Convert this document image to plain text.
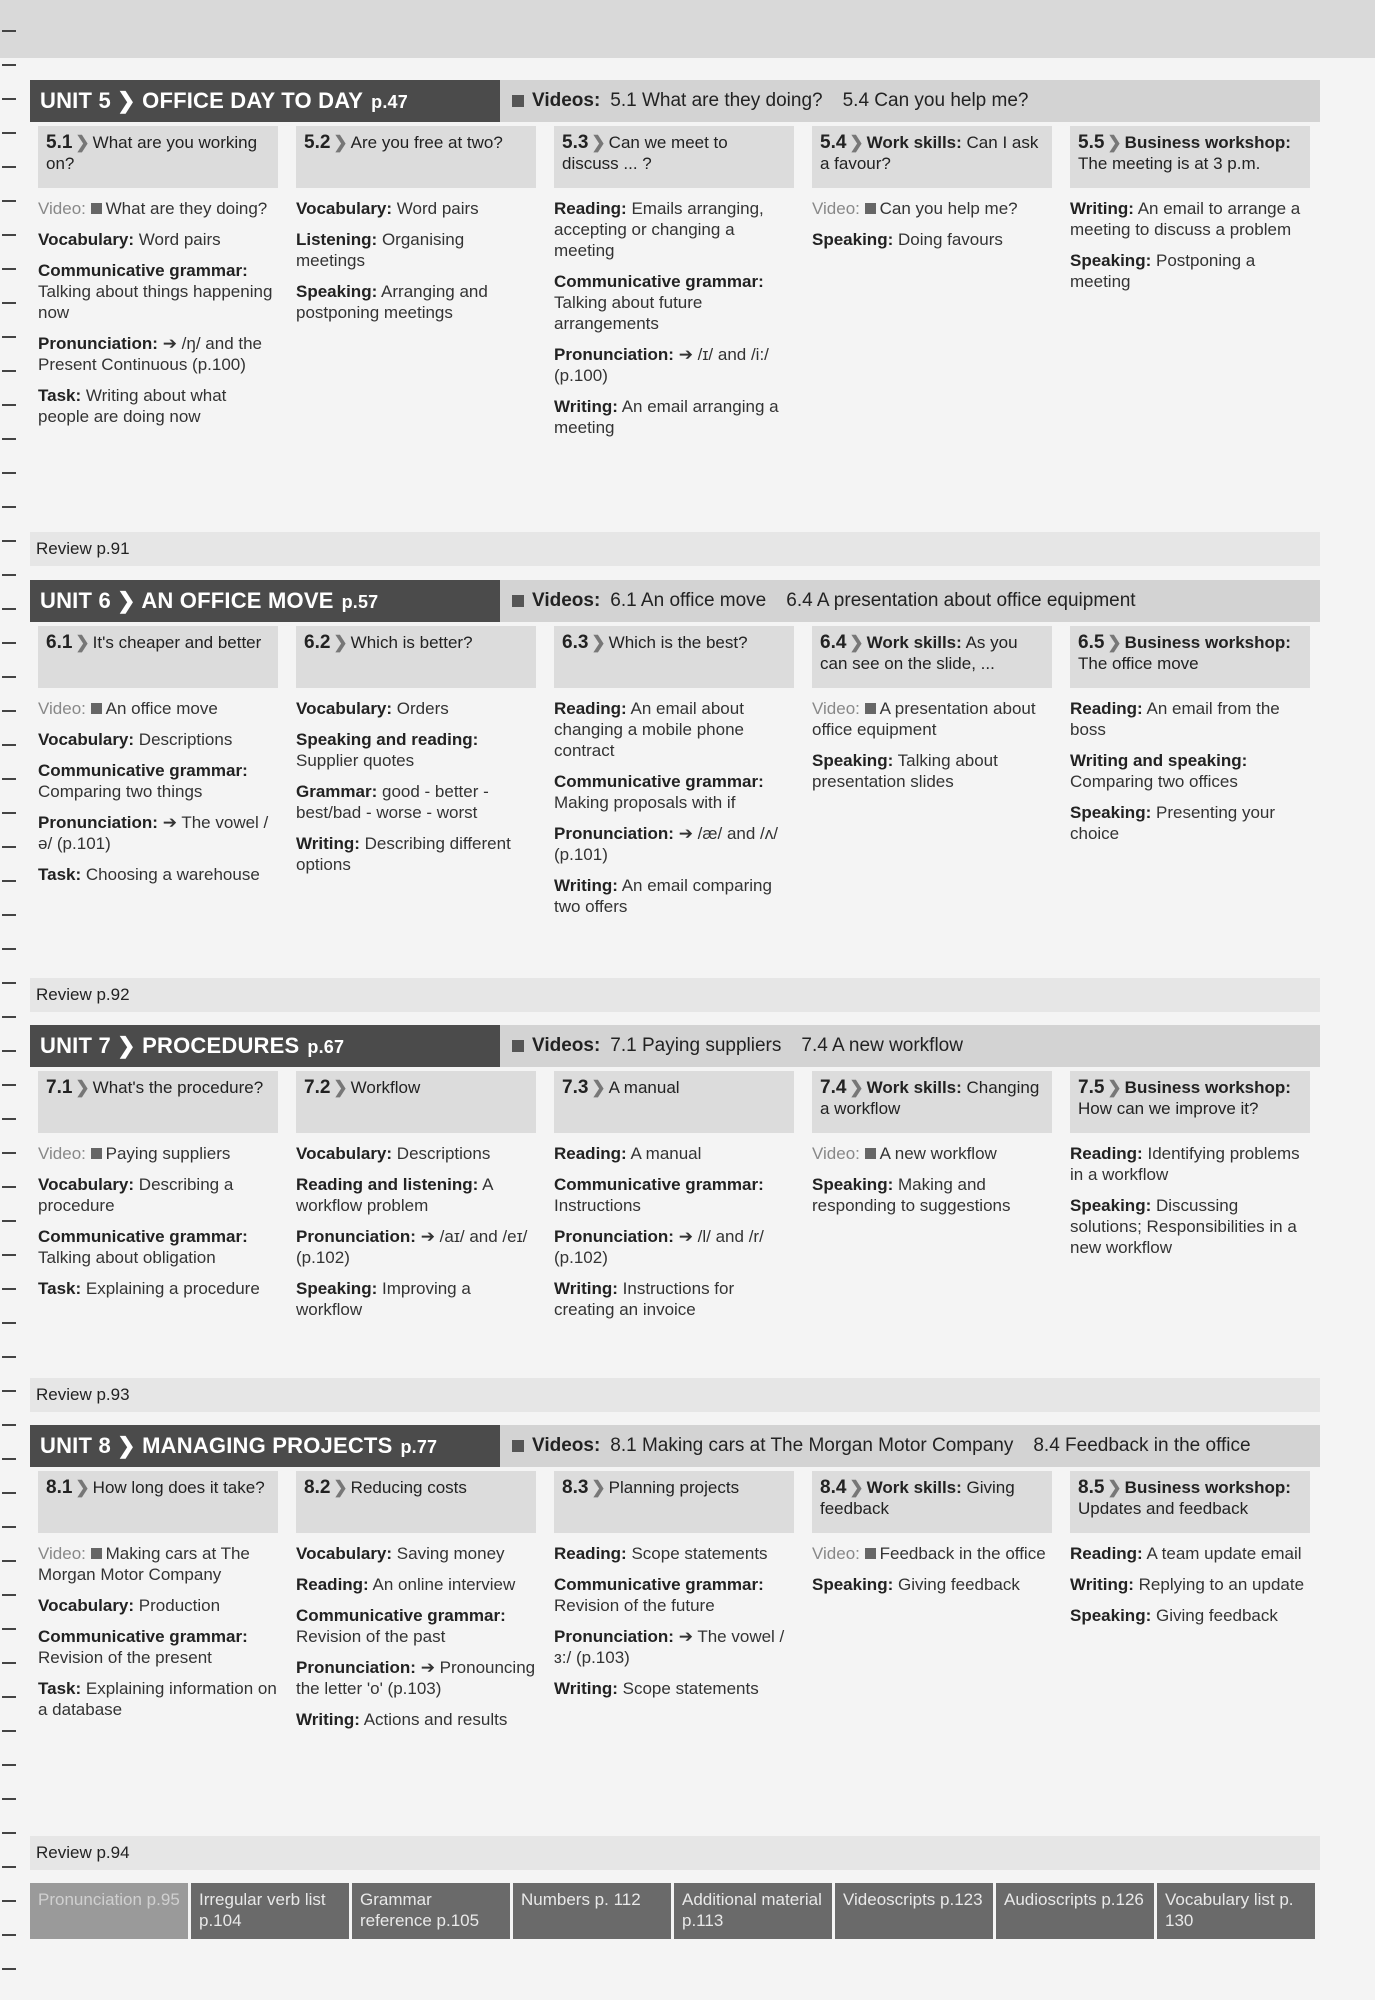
UNIT 5 ❯ OFFICE DAY TO DAY p.47	Videos: 5.1 What are they doing? 5.4 Can you help me?
5.1 ❯ What are you working on?
Video: What are they doing?
Vocabulary: Word pairs
Communicative grammar: Talking about things happening now
Pronunciation: ➔ /ŋ/ and the Present Continuous (p.100)
Task: Writing about what people are doing now
5.2 ❯ Are you free at two?
Vocabulary: Word pairs
Listening: Organising meetings
Speaking: Arranging and postponing meetings
5.3 ❯ Can we meet to discuss ... ?
Reading: Emails arranging, accepting or changing a meeting
Communicative grammar: Talking about future arrangements
Pronunciation: ➔ /ɪ/ and /i:/ (p.100)
Writing: An email arranging a meeting
5.4 ❯ Work skills: Can I ask a favour?
Video: Can you help me?
Speaking: Doing favours
5.5 ❯ Business workshop: The meeting is at 3 p.m.
Writing: An email to arrange a meeting to discuss a problem
Speaking: Postponing a meeting
Review p.91
UNIT 6 ❯ AN OFFICE MOVE p.57	Videos: 6.1 An office move 6.4 A presentation about office equipment
6.1 ❯ It's cheaper and better
Video: An office move
Vocabulary: Descriptions
Communicative grammar: Comparing two things
Pronunciation: ➔ The vowel /ə/ (p.101)
Task: Choosing a warehouse
6.2 ❯ Which is better?
Vocabulary: Orders
Speaking and reading: Supplier quotes
Grammar: good - better - best/bad - worse - worst
Writing: Describing different options
6.3 ❯ Which is the best?
Reading: An email about changing a mobile phone contract
Communicative grammar: Making proposals with if
Pronunciation: ➔ /æ/ and /ʌ/ (p.101)
Writing: An email comparing two offers
6.4 ❯ Work skills: As you can see on the slide, ...
Video: A presentation about office equipment
Speaking: Talking about presentation slides
6.5 ❯ Business workshop: The office move
Reading: An email from the boss
Writing and speaking: Comparing two offices
Speaking: Presenting your choice
Review p.92
UNIT 7 ❯ PROCEDURES p.67	Videos: 7.1 Paying suppliers 7.4 A new workflow
7.1 ❯ What's the procedure?
Video: Paying suppliers
Vocabulary: Describing a procedure
Communicative grammar: Talking about obligation
Task: Explaining a procedure
7.2 ❯ Workflow
Vocabulary: Descriptions
Reading and listening: A workflow problem
Pronunciation: ➔ /aɪ/ and /eɪ/ (p.102)
Speaking: Improving a workflow
7.3 ❯ A manual
Reading: A manual
Communicative grammar: Instructions
Pronunciation: ➔ /l/ and /r/ (p.102)
Writing: Instructions for creating an invoice
7.4 ❯ Work skills: Changing a workflow
Video: A new workflow
Speaking: Making and responding to suggestions
7.5 ❯ Business workshop: How can we improve it?
Reading: Identifying problems in a workflow
Speaking: Discussing solutions; Responsibilities in a new workflow
Review p.93
UNIT 8 ❯ MANAGING PROJECTS p.77	Videos: 8.1 Making cars at The Morgan Motor Company 8.4 Feedback in the office
8.1 ❯ How long does it take?
Video: Making cars at The Morgan Motor Company
Vocabulary: Production
Communicative grammar: Revision of the present
Task: Explaining information on a database
8.2 ❯ Reducing costs
Vocabulary: Saving money
Reading: An online interview
Communicative grammar: Revision of the past
Pronunciation: ➔ Pronouncing the letter 'o' (p.103)
Writing: Actions and results
8.3 ❯ Planning projects
Reading: Scope statements
Communicative grammar: Revision of the future
Pronunciation: ➔ The vowel /ɜ:/ (p.103)
Writing: Scope statements
8.4 ❯ Work skills: Giving feedback
Video: Feedback in the office
Speaking: Giving feedback
8.5 ❯ Business workshop: Updates and feedback
Reading: A team update email
Writing: Replying to an update
Speaking: Giving feedback
Review p.94
Pronunciation p.95	Irregular verb list p.104
Grammar reference p.105
Numbers p. 112	Additional material p.113
Videoscripts p.123	Audioscripts p.126	Vocabulary list p. 130
